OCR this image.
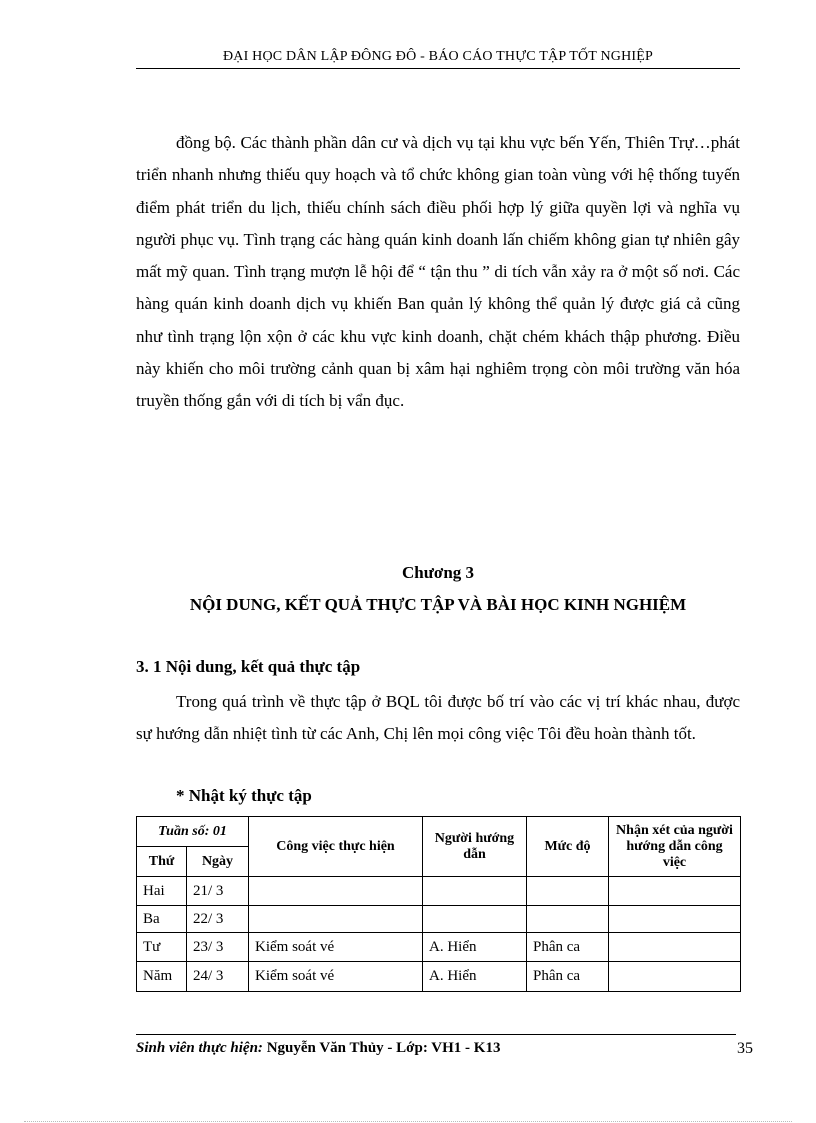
ĐẠI HỌC DÂN LẬP ĐÔNG ĐÔ - BÁO CÁO THỰC TẬP TỐT NGHIỆP
đồng bộ. Các thành phần dân cư và dịch vụ tại khu vực bến Yến, Thiên Trự…phát triển nhanh nhưng thiếu quy hoạch và tổ chức không gian toàn vùng với hệ thống tuyến điểm phát triển du lịch, thiếu chính sách điều phối hợp lý giữa quyền lợi và nghĩa vụ người phục vụ. Tình trạng các hàng quán kinh doanh lấn chiếm không gian tự nhiên gây mất mỹ quan. Tình trạng mượn lễ hội để “ tận thu ” di tích vẫn xảy ra ở một số nơi. Các hàng quán kinh doanh dịch vụ khiến Ban quản lý không thể quản lý được giá cả cũng như tình trạng lộn xộn ở các khu vực kinh doanh, chặt chém khách thập phương. Điều này khiến cho môi trường cảnh quan bị xâm hại nghiêm trọng còn môi trường văn hóa truyền thống gắn với di tích bị vẩn đục.
Chương 3
NỘI DUNG, KẾT QUẢ THỰC TẬP VÀ BÀI HỌC KINH NGHIỆM
3. 1 Nội dung, kết quả thực tập
Trong quá trình về thực tập ở BQL tôi được bố trí vào các vị trí khác nhau, được sự hướng dẫn nhiệt tình từ các Anh, Chị lên mọi công việc Tôi đều hoàn thành tốt.
* Nhật ký thực tập
Tuần số: 01		Công việc thực hiện	Người hướng dẫn	Mức độ	Nhận xét của người hướng dẫn công việc
Thứ	Ngày				
Hai	21/ 3				
Ba	22/ 3				
Tư	23/ 3	Kiểm soát vé	A. Hiển	Phân ca	
Năm	24/ 3	Kiểm soát vé	A. Hiển	Phân ca	
Sinh viên thực hiện: Nguyễn Văn Thủy - Lớp: VH1 - K13	35
